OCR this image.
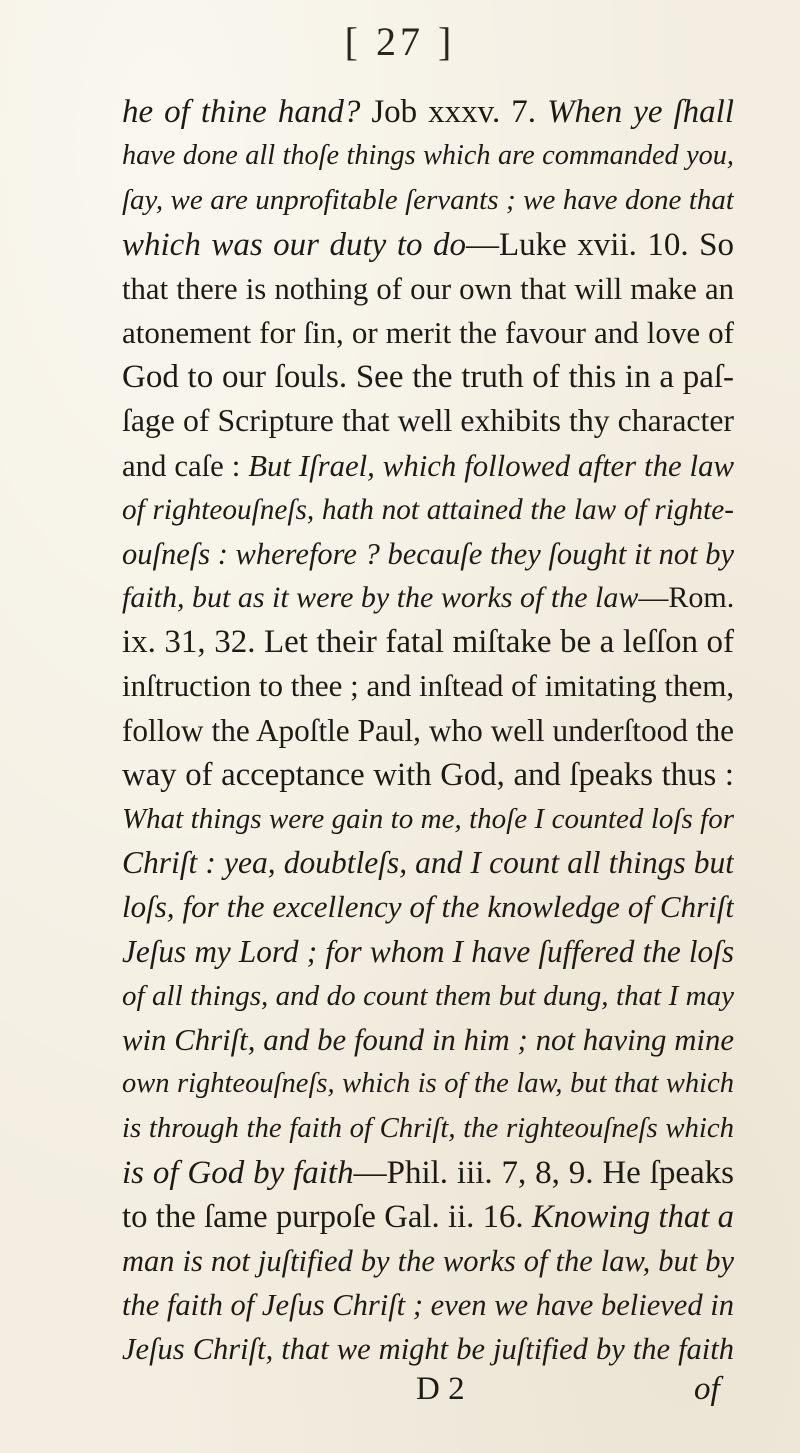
[ 27 ]
he of thine hand? Job xxxv. 7. When ye ſhall
have done all thoſe things which are commanded you,
ſay, we are unprofitable ſervants ; we have done that
which was our duty to do—Luke xvii. 10. So
that there is nothing of our own that will make an
atonement for ſin, or merit the favour and love of
God to our ſouls. See the truth of this in a paſ-
ſage of Scripture that well exhibits thy character
and caſe : But Iſrael, which followed after the law
of righteouſneſs, hath not attained the law of righte-
ouſneſs : wherefore ? becauſe they ſought it not by
faith, but as it were by the works of the law—Rom.
ix. 31, 32. Let their fatal miſtake be a leſſon of
inſtruction to thee ; and inſtead of imitating them,
follow the Apoſtle Paul, who well underſtood the
way of acceptance with God, and ſpeaks thus :
What things were gain to me, thoſe I counted loſs for
Chriſt : yea, doubtleſs, and I count all things but
loſs, for the excellency of the knowledge of Chriſt
Jeſus my Lord ; for whom I have ſuffered the loſs
of all things, and do count them but dung, that I may
win Chriſt, and be found in him ; not having mine
own righteouſneſs, which is of the law, but that which
is through the faith of Chriſt, the righteouſneſs which
is of God by faith—Phil. iii. 7, 8, 9. He ſpeaks
to the ſame purpoſe Gal. ii. 16. Knowing that a
man is not juſtified by the works of the law, but by
the faith of Jeſus Chriſt ; even we have believed in
Jeſus Chriſt, that we might be juſtified by the faith
D 2	of
